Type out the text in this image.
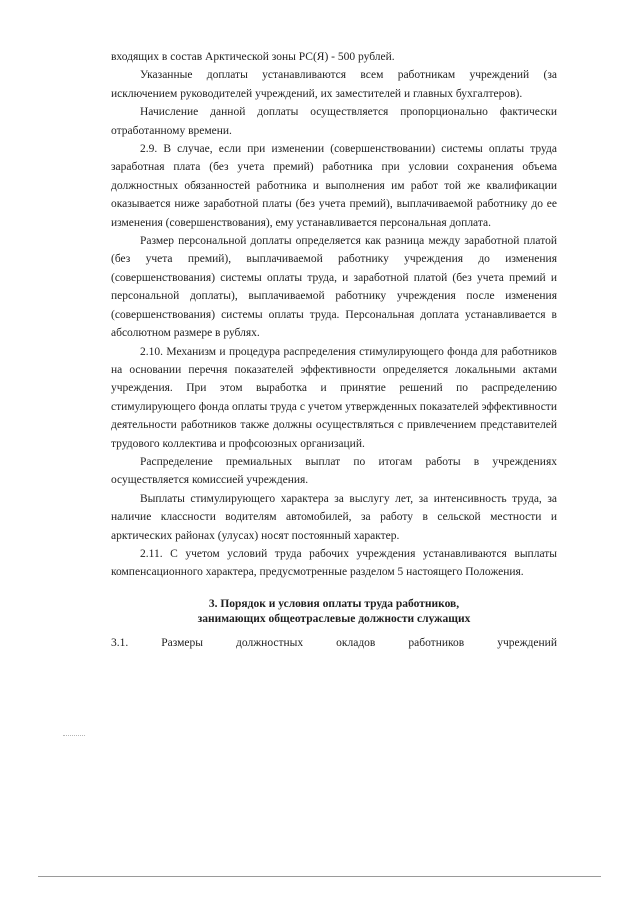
входящих в состав Арктической зоны РС(Я) - 500 рублей.

Указанные доплаты устанавливаются всем работникам учреждений (за исключением руководителей учреждений, их заместителей и главных бухгалтеров).

Начисление данной доплаты осуществляется пропорционально фактически отработанному времени.

2.9. В случае, если при изменении (совершенствовании) системы оплаты труда заработная плата (без учета премий) работника при условии сохранения объема должностных обязанностей работника и выполнения им работ той же квалификации оказывается ниже заработной платы (без учета премий), выплачиваемой работнику до ее изменения (совершенствования), ему устанавливается персональная доплата.

Размер персональной доплаты определяется как разница между заработной платой (без учета премий), выплачиваемой работнику учреждения до изменения (совершенствования) системы оплаты труда, и заработной платой (без учета премий и персональной доплаты), выплачиваемой работнику учреждения после изменения (совершенствования) системы оплаты труда. Персональная доплата устанавливается в абсолютном размере в рублях.

2.10. Механизм и процедура распределения стимулирующего фонда для работников на основании перечня показателей эффективности определяется локальными актами учреждения. При этом выработка и принятие решений по распределению стимулирующего фонда оплаты труда с учетом утвержденных показателей эффективности деятельности работников также должны осуществляться с привлечением представителей трудового коллектива и профсоюзных организаций.

Распределение премиальных выплат по итогам работы в учреждениях осуществляется комиссией учреждения.

Выплаты стимулирующего характера за выслугу лет, за интенсивность труда, за наличие классности водителям автомобилей, за работу в сельской местности и арктических районах (улусах) носят постоянный характер.

2.11. С учетом условий труда рабочих учреждения устанавливаются выплаты компенсационного характера, предусмотренные разделом 5 настоящего Положения.

3. Порядок и условия оплаты труда работников,
занимающих общеотраслевые должности служащих
3.1.	Размеры	должностных	окладов	работников	учреждений
